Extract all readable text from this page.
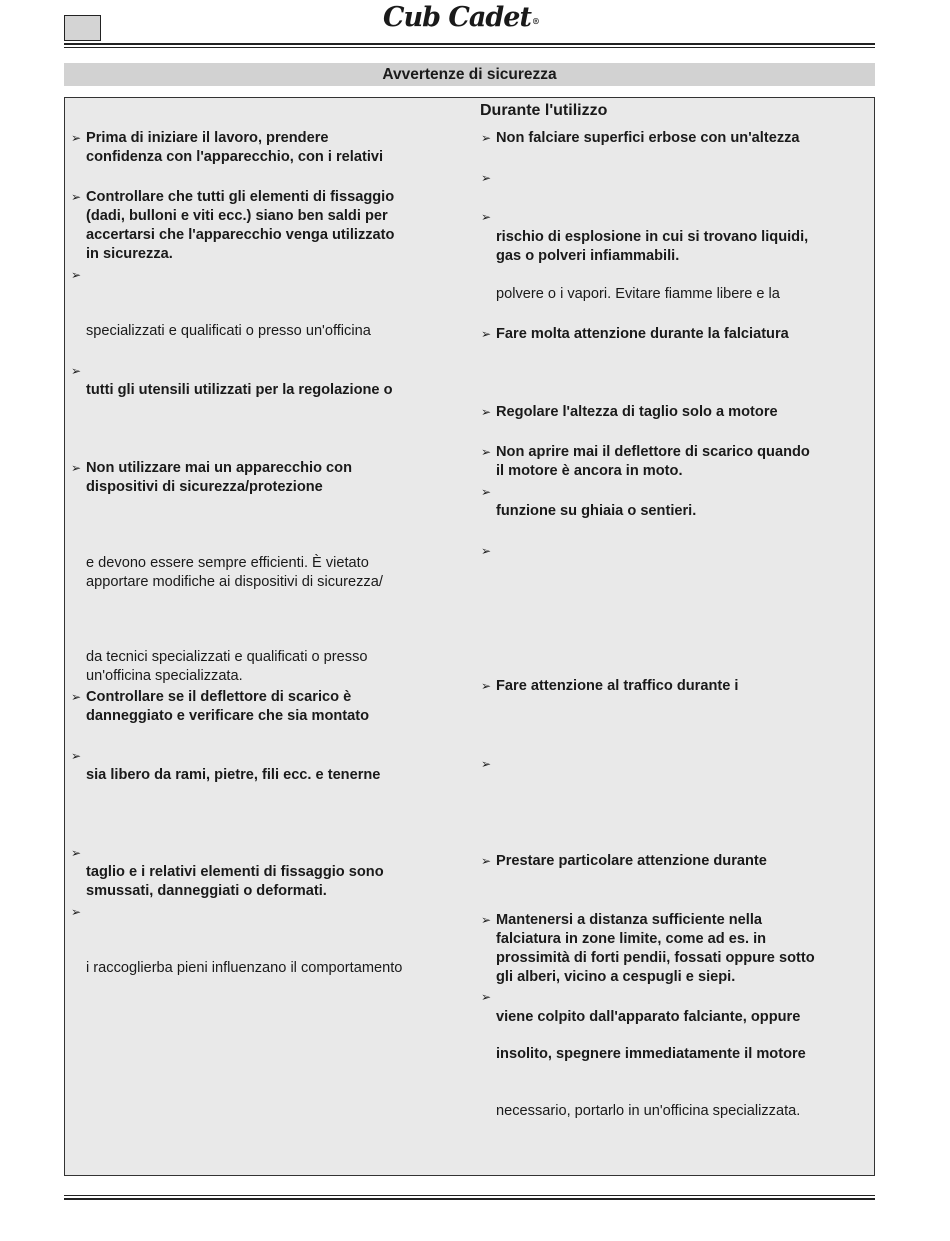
Cub Cadet®
Avvertenze di sicurezza
Durante l'utilizzo
➢
➢
➢
➢
➢
➢
➢
➢
➢
Prima di iniziare il lavoro, prendere
confidenza con l'apparecchio, con i relativi
Controllare che tutti gli elementi di fissaggio
(dadi, bulloni e viti ecc.) siano ben saldi per
accertarsi che l'apparecchio venga utilizzato
in sicurezza.
specializzati e qualificati o presso un'officina
tutti gli utensili utilizzati per la regolazione o
Non utilizzare mai un apparecchio con
dispositivi di sicurezza/protezione
e devono essere sempre efficienti. È vietato
apportare modifiche ai dispositivi di sicurezza/
da tecnici specializzati e qualificati o presso
un'officina specializzata.
Controllare se il deflettore di scarico è
danneggiato e verificare che sia montato
sia libero da rami, pietre, fili ecc. e tenerne
taglio e i relativi elementi di fissaggio sono
smussati, danneggiati o deformati.
i raccoglierba pieni influenzano il comportamento
➢
➢
➢
➢
➢
➢
➢
➢
➢
➢
➢
➢
➢
Non falciare superfici erbose con un'altezza
rischio di esplosione in cui si trovano liquidi,
gas o polveri infiammabili.
polvere o i vapori. Evitare fiamme libere e la
Fare molta attenzione durante la falciatura
Regolare l'altezza di taglio solo a motore
Non aprire mai il deflettore di scarico quando
il motore è ancora in moto.
funzione su ghiaia o sentieri.
Fare attenzione al traffico durante i
Prestare particolare attenzione durante
Mantenersi a distanza sufficiente nella
falciatura in zone limite, come ad es. in
prossimità di forti pendii, fossati oppure sotto
gli alberi, vicino a cespugli e siepi.
viene colpito dall'apparato falciante, oppure
insolito, spegnere immediatamente il motore
necessario, portarlo in un'officina specializzata.
